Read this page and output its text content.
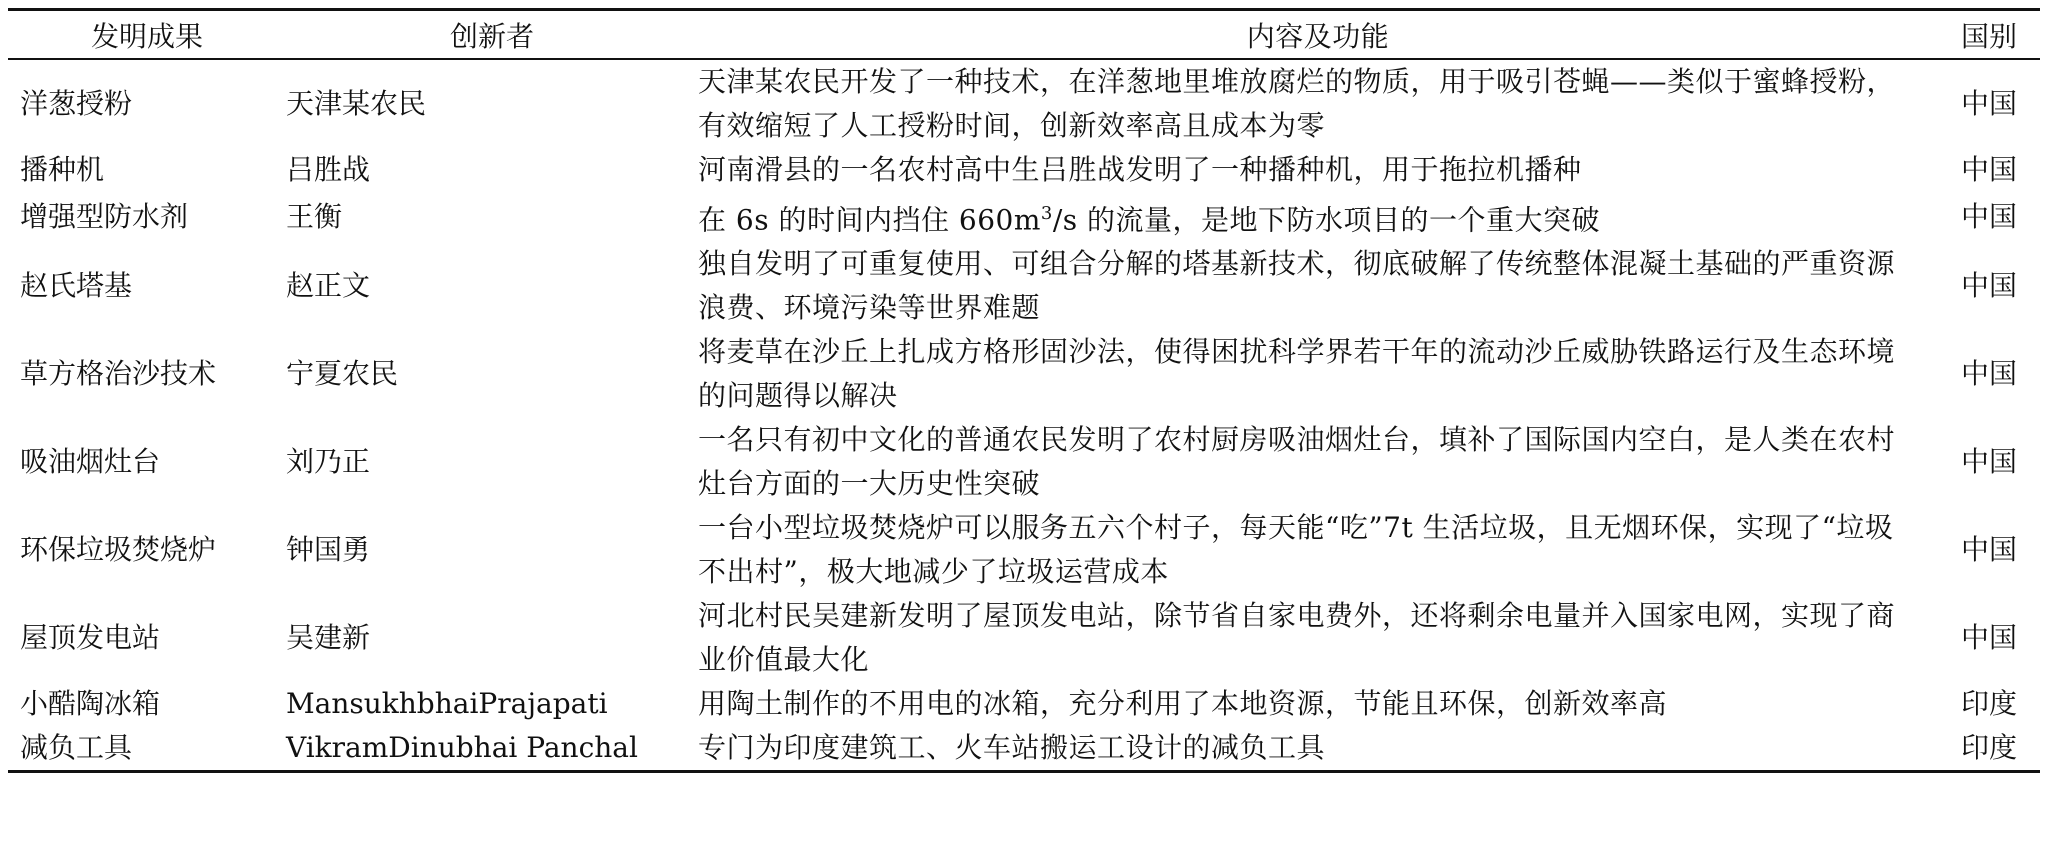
发明成果	创新者	内容及功能	国别
洋葱授粉	天津某农民	天津某农民开发了一种技术，在洋葱地里堆放腐烂的物质，用于吸引苍蝇——类似于蜜蜂授粉，有效缩短了人工授粉时间，创新效率高且成本为零	中国
播种机	吕胜战	河南滑县的一名农村高中生吕胜战发明了一种播种机，用于拖拉机播种	中国
增强型防水剂	王衡	在 6s 的时间内挡住 $660m^3/s$ 的流量，是地下防水项目的一个重大突破	中国
赵氏塔基	赵正文	独自发明了可重复使用、可组合分解的塔基新技术，彻底破解了传统整体混凝土基础的严重资源浪费、环境污染等世界难题	中国
草方格治沙技术	宁夏农民	将麦草在沙丘上扎成方格形固沙法，使得困扰科学界若干年的流动沙丘威胁铁路运行及生态环境的问题得以解决	中国
吸油烟灶台	刘乃正	一名只有初中文化的普通农民发明了农村厨房吸油烟灶台，填补了国际国内空白，是人类在农村灶台方面的一大历史性突破	中国
环保垃圾焚烧炉	钟国勇	一台小型垃圾焚烧炉可以服务五六个村子，每天能“吃”7t 生活垃圾，且无烟环保，实现了“垃圾不出村”，极大地减少了垃圾运营成本	中国
屋顶发电站	吴建新	河北村民吴建新发明了屋顶发电站，除节省自家电费外，还将剩余电量并入国家电网，实现了商业价值最大化	中国
小酷陶冰箱	MansukhbhaiPrajapati	用陶土制作的不用电的冰箱，充分利用了本地资源，节能且环保，创新效率高	印度
减负工具	VikramDinubhai Panchal	专门为印度建筑工、火车站搬运工设计的减负工具	印度
